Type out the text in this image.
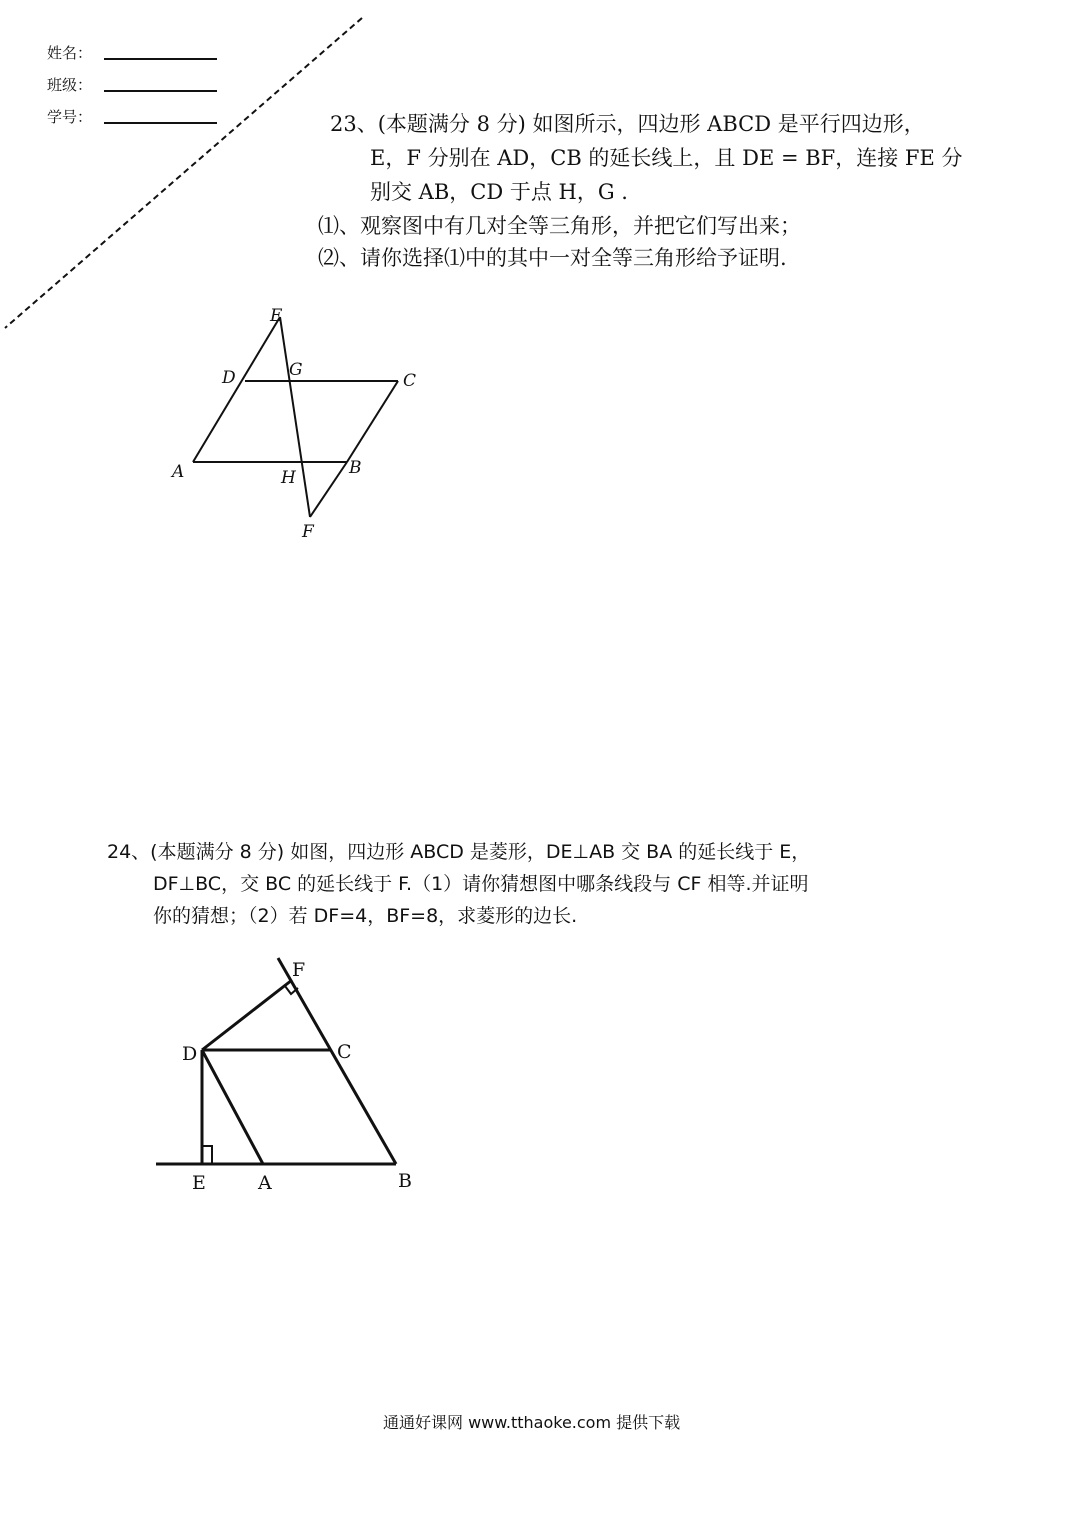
姓名：
班级：
学号：	23、(本题满分 8 分) 如图所示，四边形 ABCD 是平行四边形，
E，F 分别在 AD，CB 的延长线上，且 DE = BF，连接 FE 分
别交 AB，CD 于点 H，G .
⑴、观察图中有几对全等三角形，并把它们写出来；
⑵、请你选择⑴中的其中一对全等三角形给予证明.
E
D	G
C
A	H	B
F
24、(本题满分 8 分) 如图，四边形 ABCD 是菱形，DE⊥AB 交 BA 的延长线于 E，
DF⊥BC，交 BC 的延长线于 F.（1）请你猜想图中哪条线段与 CF 相等.并证明
你的猜想；（2）若 DF=4，BF=8，求菱形的边长.
F
D	C
E	A	B
通通好课网 www.tthaoke.com 提供下载
